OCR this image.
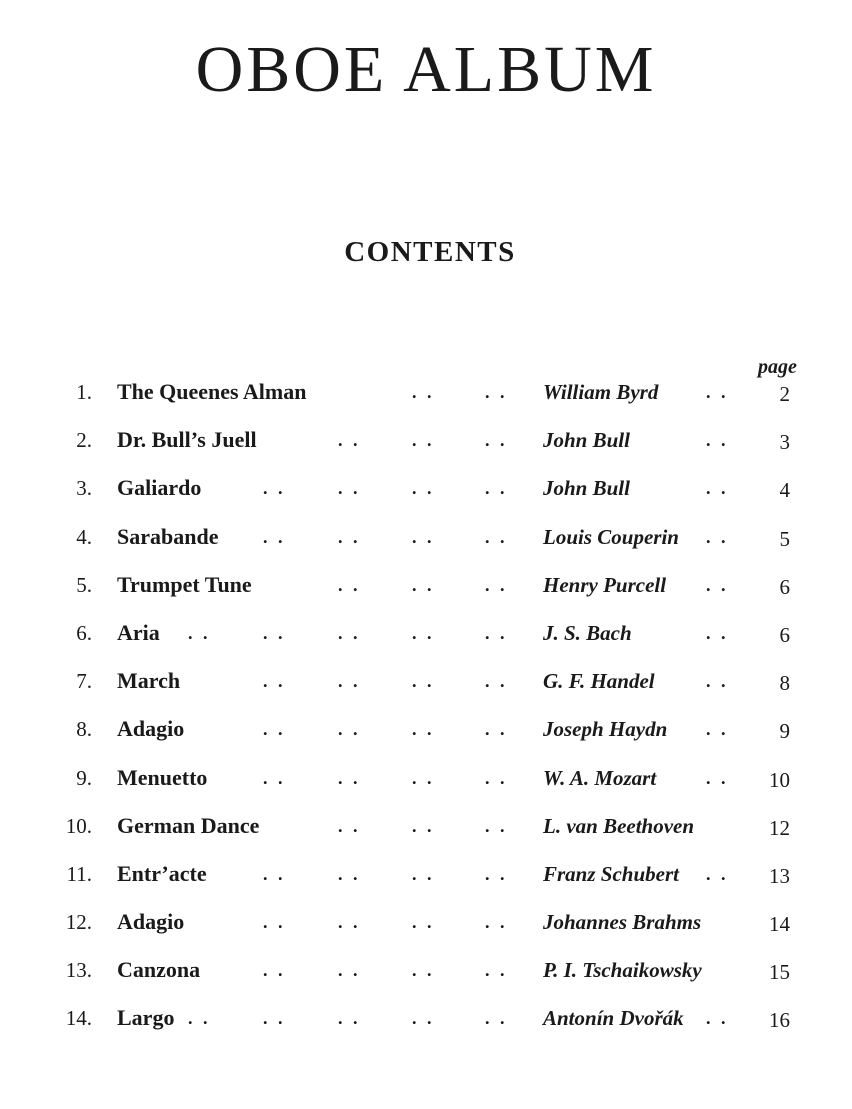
OBOE ALBUM
CONTENTS
page
1. The Queenes Alman	. .	. . William Byrd	. . 2
2. Dr. Bull’s Juell	. .	. .	. . John Bull	. . 3
3. Galiardo	. .	. .	. .	. . John Bull	. . 4
4. Sarabande . .	. .	. .	. . Louis Couperin . . 5
5. Trumpet Tune	. .	. .	. . Henry Purcell . . 6
6. Aria . .	. .	. .	. .	. . J. S. Bach	. . 6
7. March	. .	. .	. .	. . G. F. Handel	. . 8
8. Adagio	. .	. .	. .	. . Joseph Haydn . . 9
9. Menuetto	. .	. .	. .	. . W. A. Mozart	. . 10
10. German Dance	. .	. .	. . L. van Beethoven	12
11. Entr’acte	. .	. .	. .	. . Franz Schubert . . 13
12. Adagio	. .	. .	. .	. . Johannes Brahms	14
13. Canzona	. .	. .	. .	. . P. I. Tschaikowsky	15
14. Largo . .	. .	. .	. .	. . Antonín Dvořák . . 16
